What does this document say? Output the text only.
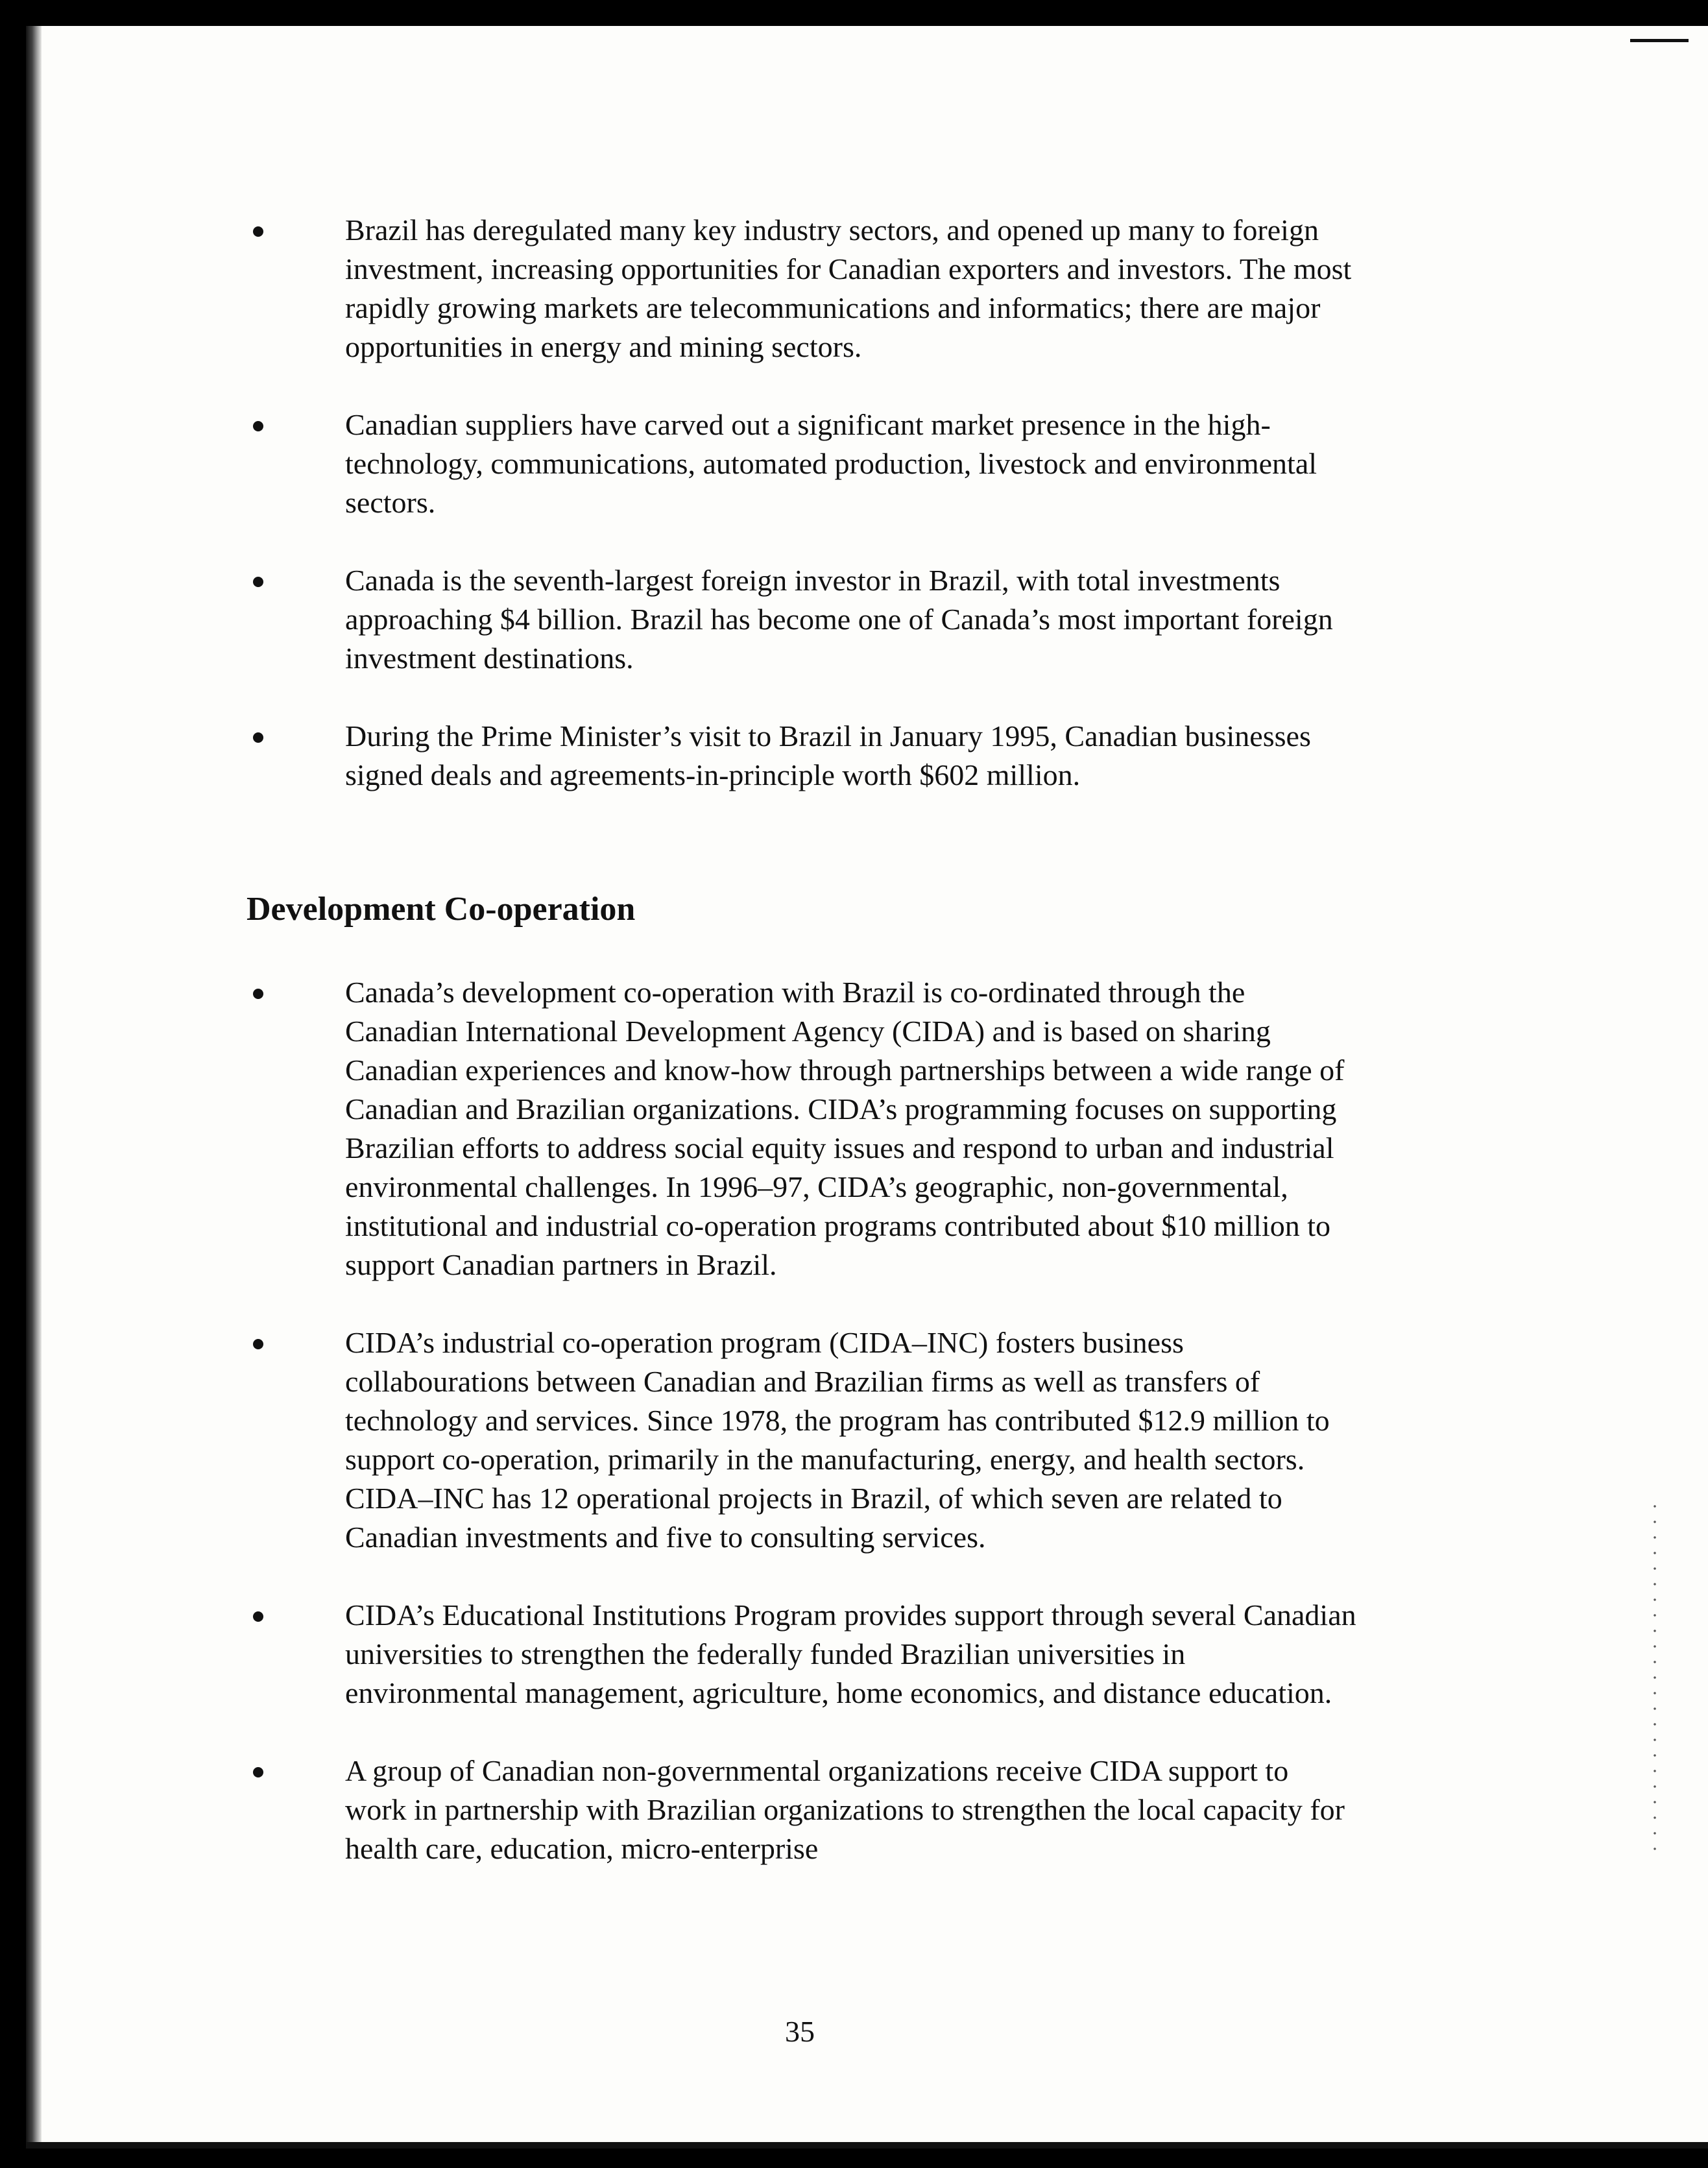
Brazil has deregulated many key industry sectors, and opened up many to foreign investment, increasing opportunities for Canadian exporters and investors. The most rapidly growing markets are telecommunications and informatics; there are major opportunities in energy and mining sectors.
Canadian suppliers have carved out a significant market presence in the high-technology, communications, automated production, livestock and environmental sectors.
Canada is the seventh-largest foreign investor in Brazil, with total investments approaching $4 billion. Brazil has become one of Canada’s most important foreign investment destinations.
During the Prime Minister’s visit to Brazil in January 1995, Canadian businesses signed deals and agreements-in-principle worth $602 million.
Development Co-operation
Canada’s development co-operation with Brazil is co-ordinated through the Canadian International Development Agency (CIDA) and is based on sharing Canadian experiences and know-how through partnerships between a wide range of Canadian and Brazilian organizations. CIDA’s programming focuses on supporting Brazilian efforts to address social equity issues and respond to urban and industrial environmental challenges. In 1996–97, CIDA’s geographic, non-governmental, institutional and industrial co-operation programs contributed about $10 million to support Canadian partners in Brazil.
CIDA’s industrial co-operation program (CIDA–INC) fosters business collabourations between Canadian and Brazilian firms as well as transfers of technology and services. Since 1978, the program has contributed $12.9 million to support co-operation, primarily in the manufacturing, energy, and health sectors. CIDA–INC has 12 operational projects in Brazil, of which seven are related to Canadian investments and five to consulting services.
CIDA’s Educational Institutions Program provides support through several Canadian universities to strengthen the federally funded Brazilian universities in environmental management, agriculture, home economics, and distance education.
A group of Canadian non-governmental organizations receive CIDA support to work in partnership with Brazilian organizations to strengthen the local capacity for health care, education, micro-enterprise
35
